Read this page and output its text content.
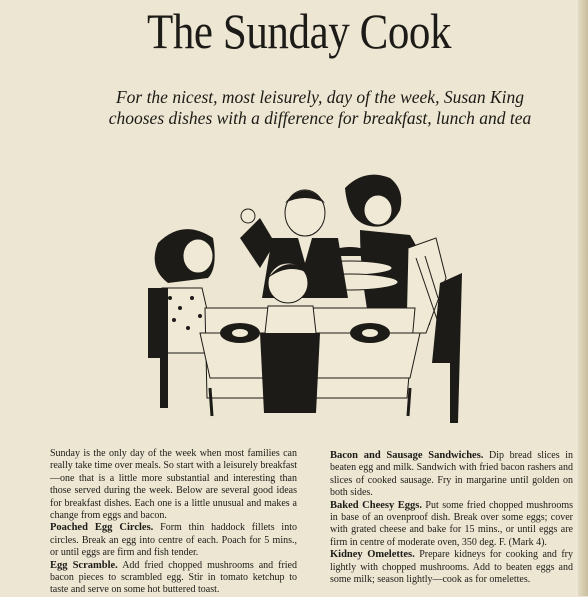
The Sunday Cook
For the nicest, most leisurely, day of the week, Susan King
chooses dishes with a difference for breakfast, lunch and tea

Sunday is the only day of the week when most families can really take time over meals. So start with a leisurely breakfast—one that is a little more substantial and interesting than those served during the week. Below are several good ideas for breakfast dishes. Each one is a little unusual and makes a change from eggs and bacon.

Poached Egg Circles. Form thin haddock fillets into circles. Break an egg into centre of each. Poach for 5 mins., or until eggs are firm and fish tender.

Egg Scramble. Add fried chopped mushrooms and fried bacon pieces to scrambled egg. Stir in tomato ketchup to taste and serve on some hot buttered toast.

Bacon and Sausage Sandwiches. Dip bread slices in beaten egg and milk. Sandwich with fried bacon rashers and slices of cooked sausage. Fry in margarine until golden on both sides.

Baked Cheesy Eggs. Put some fried chopped mushrooms in base of an ovenproof dish. Break over some eggs; cover with grated cheese and bake for 15 mins., or until eggs are firm in centre of moderate oven, 350 deg. F. (Mark 4).

Kidney Omelettes. Prepare kidneys for cooking and fry lightly with chopped mushrooms. Add to beaten eggs and some milk; season lightly—cook as for omelettes.
